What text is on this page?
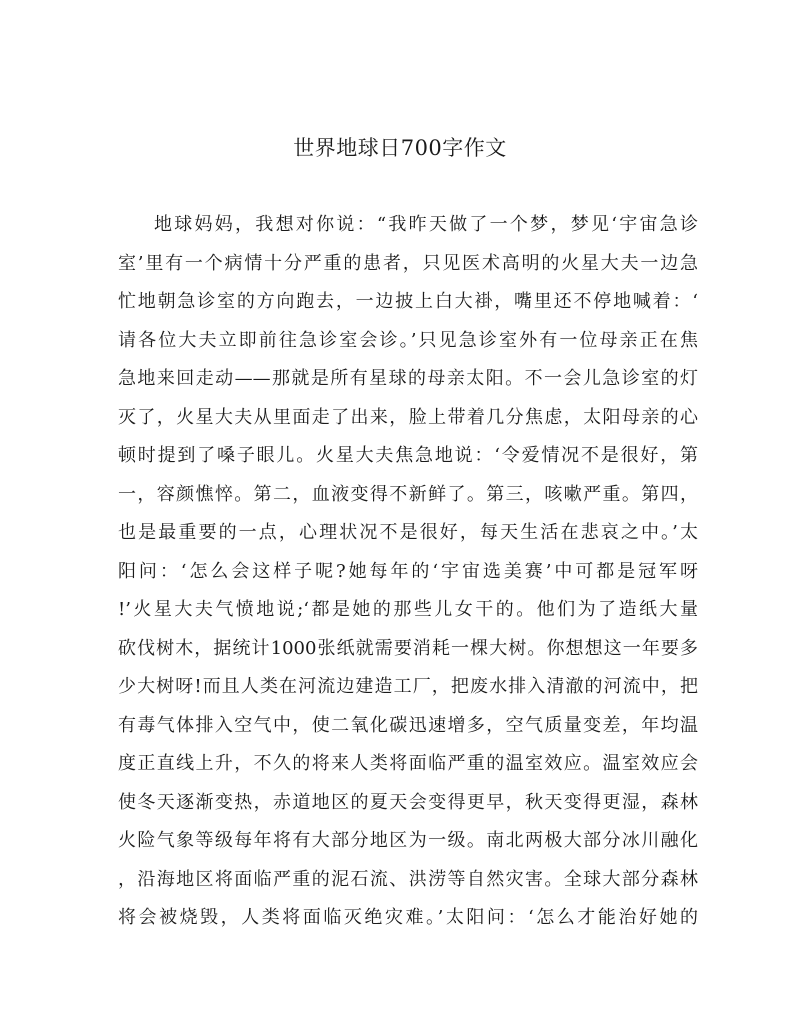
世界地球日700字作文
地球妈妈，我想对你说：“我昨天做了一个梦，梦见‘宇宙急诊
室’里有一个病情十分严重的患者，只见医术高明的火星大夫一边急
忙地朝急诊室的方向跑去，一边披上白大褂，嘴里还不停地喊着：‘
请各位大夫立即前往急诊室会诊。’只见急诊室外有一位母亲正在焦
急地来回走动——那就是所有星球的母亲太阳。不一会儿急诊室的灯
灭了，火星大夫从里面走了出来，脸上带着几分焦虑，太阳母亲的心
顿时提到了嗓子眼儿。火星大夫焦急地说：‘令爱情况不是很好，第
一，容颜憔悴。第二，血液变得不新鲜了。第三，咳嗽严重。第四，
也是最重要的一点，心理状况不是很好，每天生活在悲哀之中。’太
阳问：‘怎么会这样子呢?她每年的‘宇宙选美赛’中可都是冠军呀
!’火星大夫气愤地说;‘都是她的那些儿女干的。他们为了造纸大量
砍伐树木，据统计1000张纸就需要消耗一棵大树。你想想这一年要多
少大树呀!而且人类在河流边建造工厂，把废水排入清澈的河流中，把
有毒气体排入空气中，使二氧化碳迅速增多，空气质量变差，年均温
度正直线上升，不久的将来人类将面临严重的温室效应。温室效应会
使冬天逐渐变热，赤道地区的夏天会变得更早，秋天变得更湿，森林
火险气象等级每年将有大部分地区为一级。南北两极大部分冰川融化
，沿海地区将面临严重的泥石流、洪涝等自然灾害。全球大部分森林
将会被烧毁，人类将面临灭绝灾难。’太阳问：‘怎么才能治好她的
